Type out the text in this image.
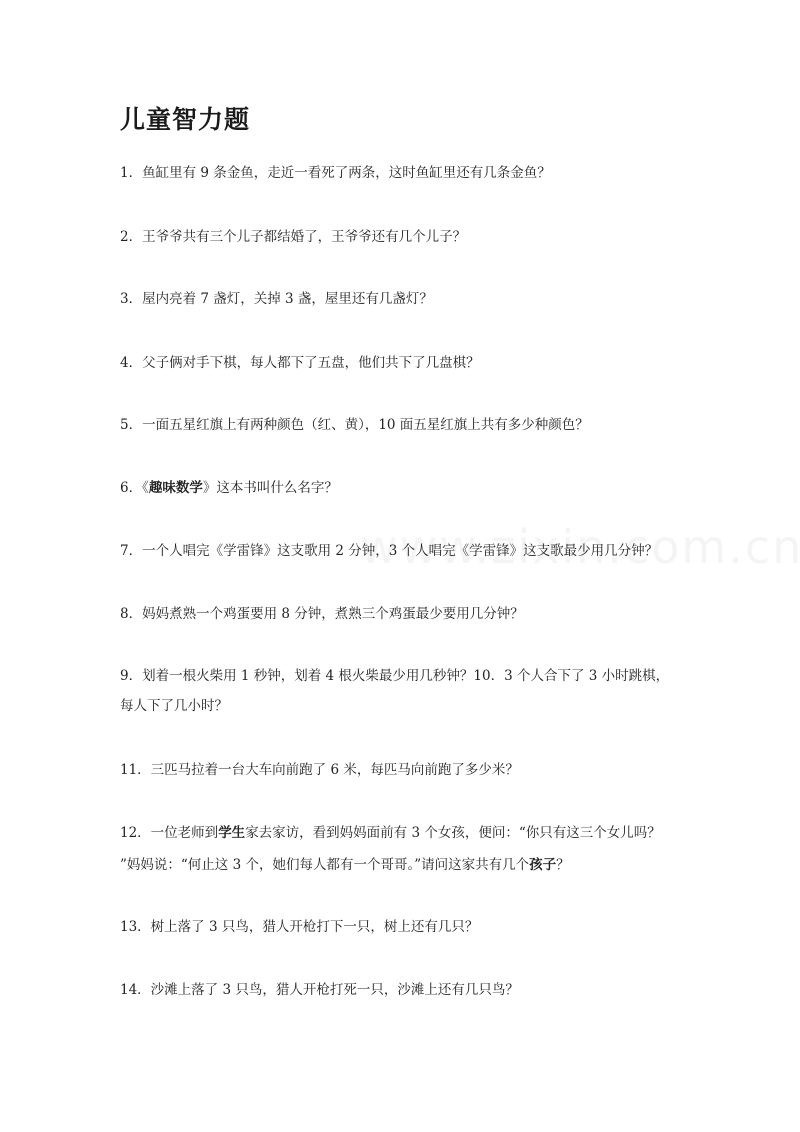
儿童智力题

1．鱼缸里有 9 条金鱼，走近一看死了两条，这时鱼缸里还有几条金鱼？

2．王爷爷共有三个儿子都结婚了，王爷爷还有几个儿子？

3．屋内亮着 7 盏灯，关掉 3 盏，屋里还有几盏灯？

4．父子俩对手下棋，每人都下了五盘，他们共下了几盘棋？

5．一面五星红旗上有两种颜色（红、黄），10 面五星红旗上共有多少种颜色？

6．《趣味数学》这本书叫什么名字？

7．一个人唱完《学雷锋》这支歌用 2 分钟，3 个人唱完《学雷锋》这支歌最少用几分钟？

8．妈妈煮熟一个鸡蛋要用 8 分钟，煮熟三个鸡蛋最少要用几分钟？

9．划着一根火柴用 1 秒钟，划着 4 根火柴最少用几秒钟？10．3 个人合下了 3 小时跳棋，

每人下了几小时？

11．三匹马拉着一台大车向前跑了 6 米，每匹马向前跑了多少米？

12．一位老师到学生家去家访，看到妈妈面前有 3 个女孩，便问：“你只有这三个女儿吗？

”妈妈说：“何止这 3 个，她们每人都有一个哥哥。”请问这家共有几个孩子？

13．树上落了 3 只鸟，猎人开枪打下一只，树上还有几只？

14．沙滩上落了 3 只鸟，猎人开枪打死一只，沙滩上还有几只鸟？
